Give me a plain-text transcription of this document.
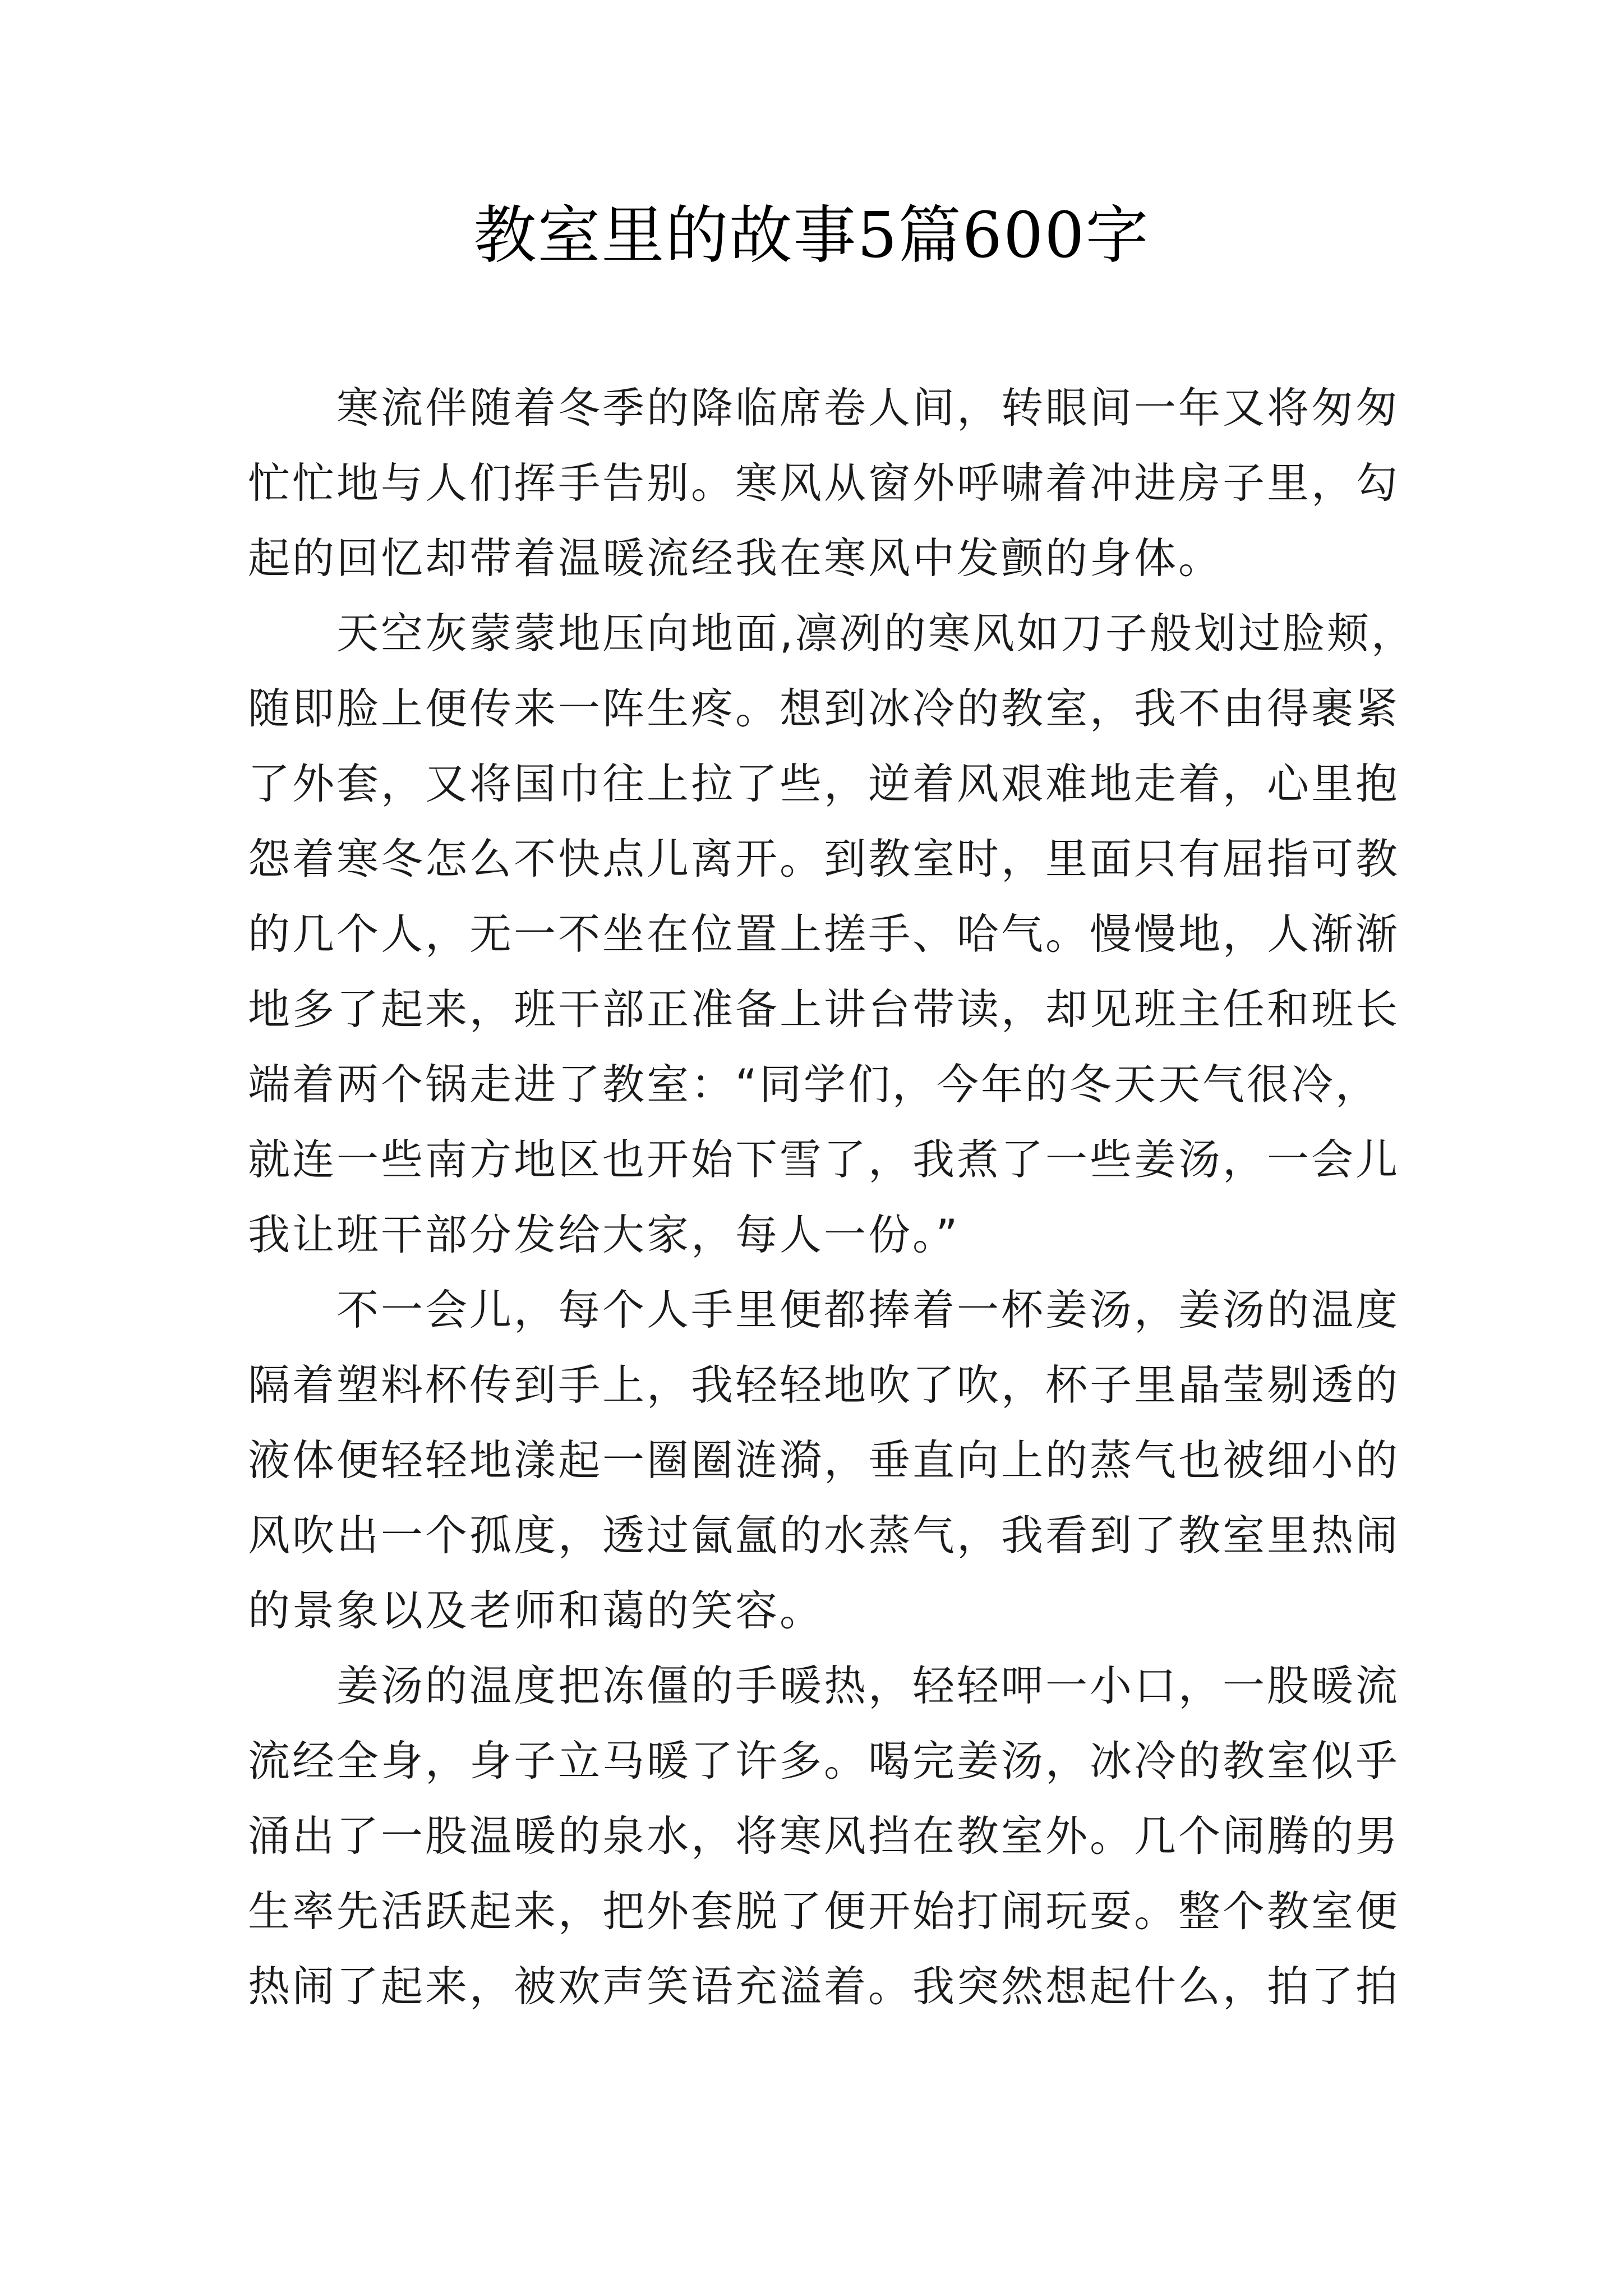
教室里的故事5篇600字

寒流伴随着冬季的降临席卷人间，转眼间一年又将匆匆
忙忙地与人们挥手告别。寒风从窗外呼啸着冲进房子里，勾
起的回忆却带着温暖流经我在寒风中发颤的身体。

天空灰蒙蒙地压向地面,凛冽的寒风如刀子般划过脸颊，
随即脸上便传来一阵生疼。想到冰冷的教室，我不由得裹紧
了外套，又将国巾往上拉了些，逆着风艰难地走着，心里抱
怨着寒冬怎么不快点儿离开。到教室时，里面只有屈指可教
的几个人，无一不坐在位置上搓手、哈气。慢慢地，人渐渐
地多了起来，班干部正准备上讲台带读，却见班主任和班长
端着两个锅走进了教室：“同学们，今年的冬天天气很冷，
就连一些南方地区也开始下雪了，我煮了一些姜汤，一会儿
我让班干部分发给大家，每人一份。”

不一会儿，每个人手里便都捧着一杯姜汤，姜汤的温度
隔着塑料杯传到手上，我轻轻地吹了吹，杯子里晶莹剔透的
液体便轻轻地漾起一圈圈涟漪，垂直向上的蒸气也被细小的
风吹出一个孤度，透过氤氲的水蒸气，我看到了教室里热闹
的景象以及老师和蔼的笑容。

姜汤的温度把冻僵的手暖热，轻轻呷一小口，一股暖流
流经全身，身子立马暖了许多。喝完姜汤，冰冷的教室似乎
涌出了一股温暖的泉水，将寒风挡在教室外。几个闹腾的男
生率先活跃起来，把外套脱了便开始打闹玩耍。整个教室便
热闹了起来，被欢声笑语充溢着。我突然想起什么，拍了拍
